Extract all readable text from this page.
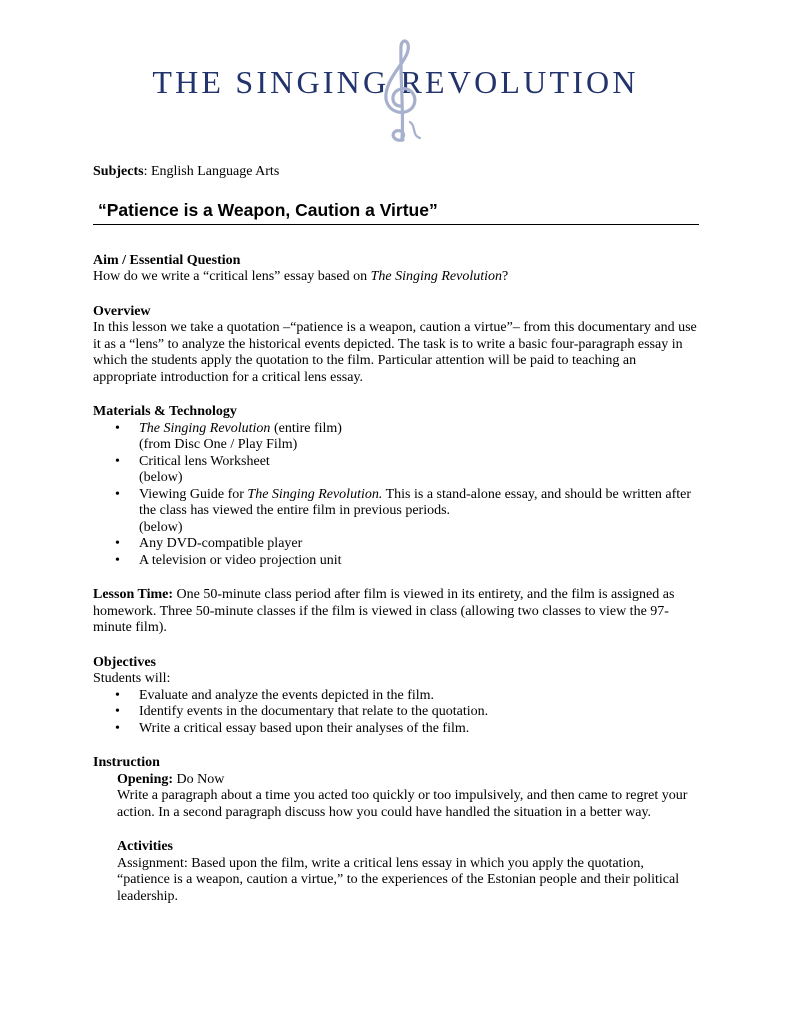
THE SINGING REVOLUTION

Subjects: English Language Arts

“Patience is a Weapon, Caution a Virtue”

Aim / Essential Question

How do we write a “critical lens” essay based on The Singing Revolution?

Overview

In this lesson we take a quotation –“patience is a weapon, caution a virtue”– from this documentary and use it as a “lens” to analyze the historical events depicted. The task is to write a basic four-paragraph essay in which the students apply the quotation to the film. Particular attention will be paid to teaching an appropriate introduction for a critical lens essay.

Materials & Technology

• The Singing Revolution (entire film)
(from Disc One / Play Film)
• Critical lens Worksheet
(below)
• Viewing Guide for The Singing Revolution. This is a stand-alone essay, and should be written after the class has viewed the entire film in previous periods.
(below)
• Any DVD-compatible player
• A television or video projection unit

Lesson Time: One 50-minute class period after film is viewed in its entirety, and the film is assigned as homework. Three 50-minute classes if the film is viewed in class (allowing two classes to view the 97-minute film).

Objectives

Students will:

• Evaluate and analyze the events depicted in the film.
• Identify events in the documentary that relate to the quotation.
• Write a critical essay based upon their analyses of the film.

Instruction

Opening: Do Now

Write a paragraph about a time you acted too quickly or too impulsively, and then came to regret your action. In a second paragraph discuss how you could have handled the situation in a better way.

Activities

Assignment: Based upon the film, write a critical lens essay in which you apply the quotation, “patience is a weapon, caution a virtue,” to the experiences of the Estonian people and their political leadership.
